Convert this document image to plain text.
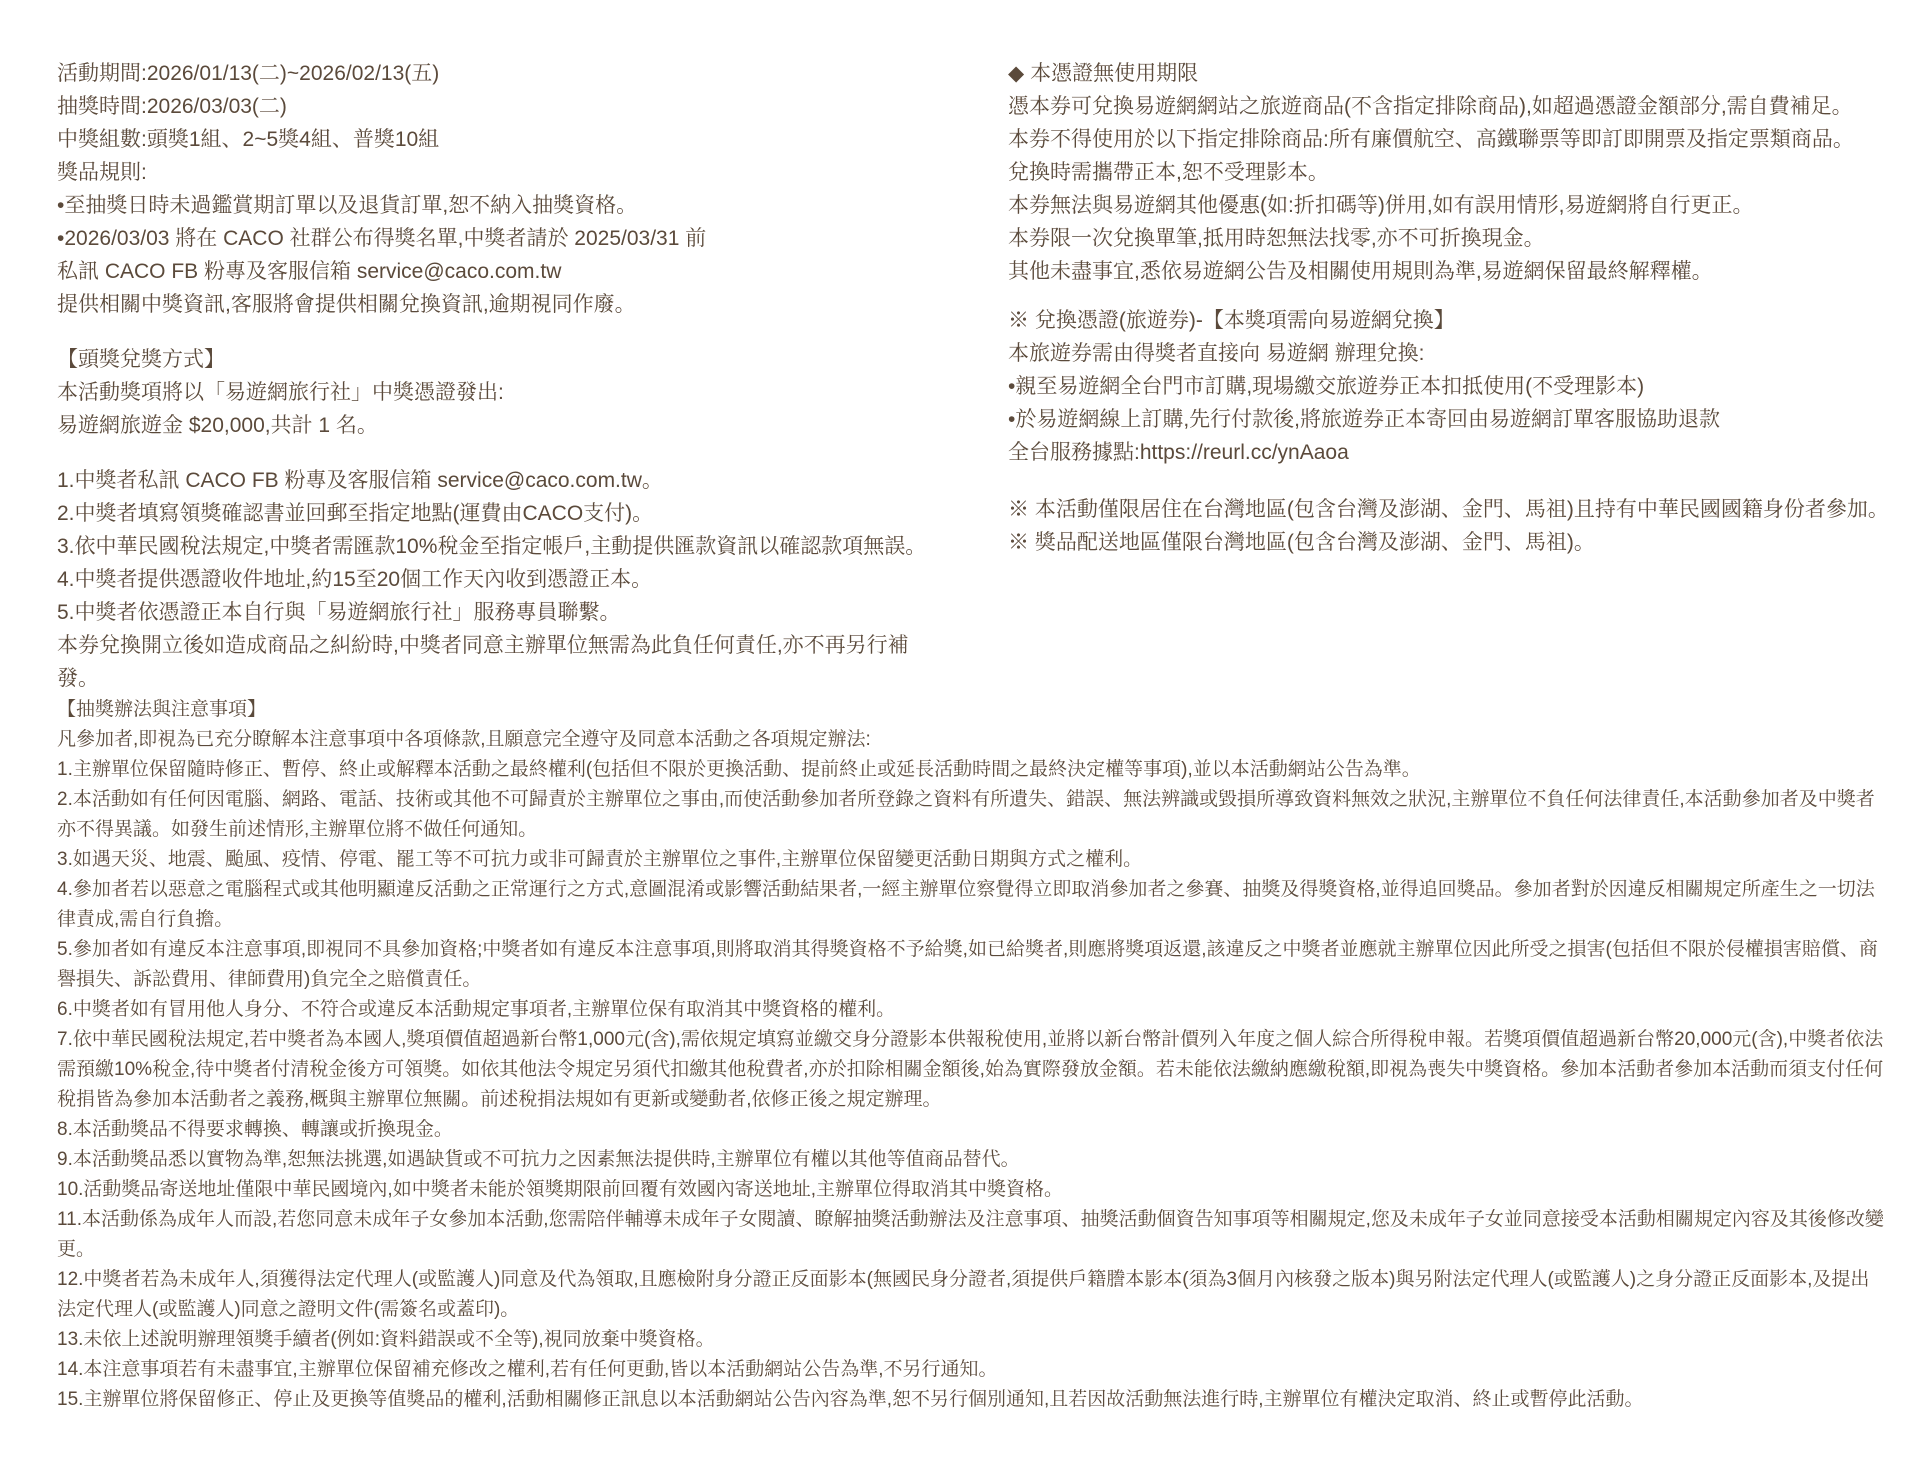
活動期間:2026/01/13(二)~2026/02/13(五)

抽獎時間:2026/03/03(二)

中獎組數:頭獎1組、2~5獎4組、普獎10組

獎品規則:

•至抽獎日時未過鑑賞期訂單以及退貨訂單,恕不納入抽獎資格。

•2026/03/03 將在 CACO 社群公布得獎名單,中獎者請於 2025/03/31 前

私訊 CACO FB 粉專及客服信箱 service@caco.com.tw

提供相關中獎資訊,客服將會提供相關兌換資訊,逾期視同作廢。

【頭獎兌獎方式】

本活動獎項將以「易遊網旅行社」中獎憑證發出:

易遊網旅遊金 $20,000,共計 1 名。

1.中獎者私訊 CACO FB 粉專及客服信箱 service@caco.com.tw。

2.中獎者填寫領獎確認書並回郵至指定地點(運費由CACO支付)。

3.依中華民國稅法規定,中獎者需匯款10%稅金至指定帳戶,主動提供匯款資訊以確認款項無誤。

4.中獎者提供憑證收件地址,約15至20個工作天內收到憑證正本。

5.中獎者依憑證正本自行與「易遊網旅行社」服務專員聯繫。

本券兌換開立後如造成商品之糾紛時,中獎者同意主辦單位無需為此負任何責任,亦不再另行補發。

◆ 本憑證無使用期限

憑本券可兌換易遊網網站之旅遊商品(不含指定排除商品),如超過憑證金額部分,需自費補足。

本券不得使用於以下指定排除商品:所有廉價航空、高鐵聯票等即訂即開票及指定票類商品。

兌換時需攜帶正本,恕不受理影本。

本券無法與易遊網其他優惠(如:折扣碼等)併用,如有誤用情形,易遊網將自行更正。

本券限一次兌換單筆,抵用時恕無法找零,亦不可折換現金。

其他未盡事宜,悉依易遊網公告及相關使用規則為準,易遊網保留最終解釋權。

※ 兌換憑證(旅遊券)-【本獎項需向易遊網兌換】

本旅遊券需由得獎者直接向 易遊網 辦理兌換:

•親至易遊網全台門市訂購,現場繳交旅遊券正本扣抵使用(不受理影本)

•於易遊網線上訂購,先行付款後,將旅遊券正本寄回由易遊網訂單客服協助退款

全台服務據點:https://reurl.cc/ynAaoa

※ 本活動僅限居住在台灣地區(包含台灣及澎湖、金門、馬祖)且持有中華民國國籍身份者參加。

※ 獎品配送地區僅限台灣地區(包含台灣及澎湖、金門、馬祖)。

【抽獎辦法與注意事項】

凡參加者,即視為已充分瞭解本注意事項中各項條款,且願意完全遵守及同意本活動之各項規定辦法:

1.主辦單位保留隨時修正、暫停、終止或解釋本活動之最終權利(包括但不限於更換活動、提前終止或延長活動時間之最終決定權等事項),並以本活動網站公告為準。

2.本活動如有任何因電腦、網路、電話、技術或其他不可歸責於主辦單位之事由,而使活動參加者所登錄之資料有所遺失、錯誤、無法辨識或毀損所導致資料無效之狀況,主辦單位不負任何法律責任,本活動參加者及中獎者亦不得異議。如發生前述情形,主辦單位將不做任何通知。

3.如遇天災、地震、颱風、疫情、停電、罷工等不可抗力或非可歸責於主辦單位之事件,主辦單位保留變更活動日期與方式之權利。

4.參加者若以惡意之電腦程式或其他明顯違反活動之正常運行之方式,意圖混淆或影響活動結果者,一經主辦單位察覺得立即取消參加者之參賽、抽獎及得獎資格,並得追回獎品。參加者對於因違反相關規定所產生之一切法律責成,需自行負擔。

5.參加者如有違反本注意事項,即視同不具參加資格;中獎者如有違反本注意事項,則將取消其得獎資格不予給獎,如已給獎者,則應將獎項返還,該違反之中獎者並應就主辦單位因此所受之損害(包括但不限於侵權損害賠償、商譽損失、訴訟費用、律師費用)負完全之賠償責任。

6.中獎者如有冒用他人身分、不符合或違反本活動規定事項者,主辦單位保有取消其中獎資格的權利。

7.依中華民國稅法規定,若中獎者為本國人,獎項價值超過新台幣1,000元(含),需依規定填寫並繳交身分證影本供報稅使用,並將以新台幣計價列入年度之個人綜合所得稅申報。若獎項價值超過新台幣20,000元(含),中獎者依法需預繳10%稅金,待中獎者付清稅金後方可領獎。如依其他法令規定另須代扣繳其他稅費者,亦於扣除相關金額後,始為實際發放金額。若未能依法繳納應繳稅額,即視為喪失中獎資格。參加本活動者參加本活動而須支付任何稅捐皆為參加本活動者之義務,概與主辦單位無關。前述稅捐法規如有更新或變動者,依修正後之規定辦理。

8.本活動獎品不得要求轉換、轉讓或折換現金。

9.本活動獎品悉以實物為準,恕無法挑選,如遇缺貨或不可抗力之因素無法提供時,主辦單位有權以其他等值商品替代。

10.活動獎品寄送地址僅限中華民國境內,如中獎者未能於領獎期限前回覆有效國內寄送地址,主辦單位得取消其中獎資格。

11.本活動係為成年人而設,若您同意未成年子女參加本活動,您需陪伴輔導未成年子女閱讀、瞭解抽獎活動辦法及注意事項、抽獎活動個資告知事項等相關規定,您及未成年子女並同意接受本活動相關規定內容及其後修改變更。

12.中獎者若為未成年人,須獲得法定代理人(或監護人)同意及代為領取,且應檢附身分證正反面影本(無國民身分證者,須提供戶籍謄本影本(須為3個月內核發之版本)與另附法定代理人(或監護人)之身分證正反面影本,及提出法定代理人(或監護人)同意之證明文件(需簽名或蓋印)。

13.未依上述說明辦理領獎手續者(例如:資料錯誤或不全等),視同放棄中獎資格。

14.本注意事項若有未盡事宜,主辦單位保留補充修改之權利,若有任何更動,皆以本活動網站公告為準,不另行通知。

15.主辦單位將保留修正、停止及更換等值獎品的權利,活動相關修正訊息以本活動網站公告內容為準,恕不另行個別通知,且若因故活動無法進行時,主辦單位有權決定取消、終止或暫停此活動。
